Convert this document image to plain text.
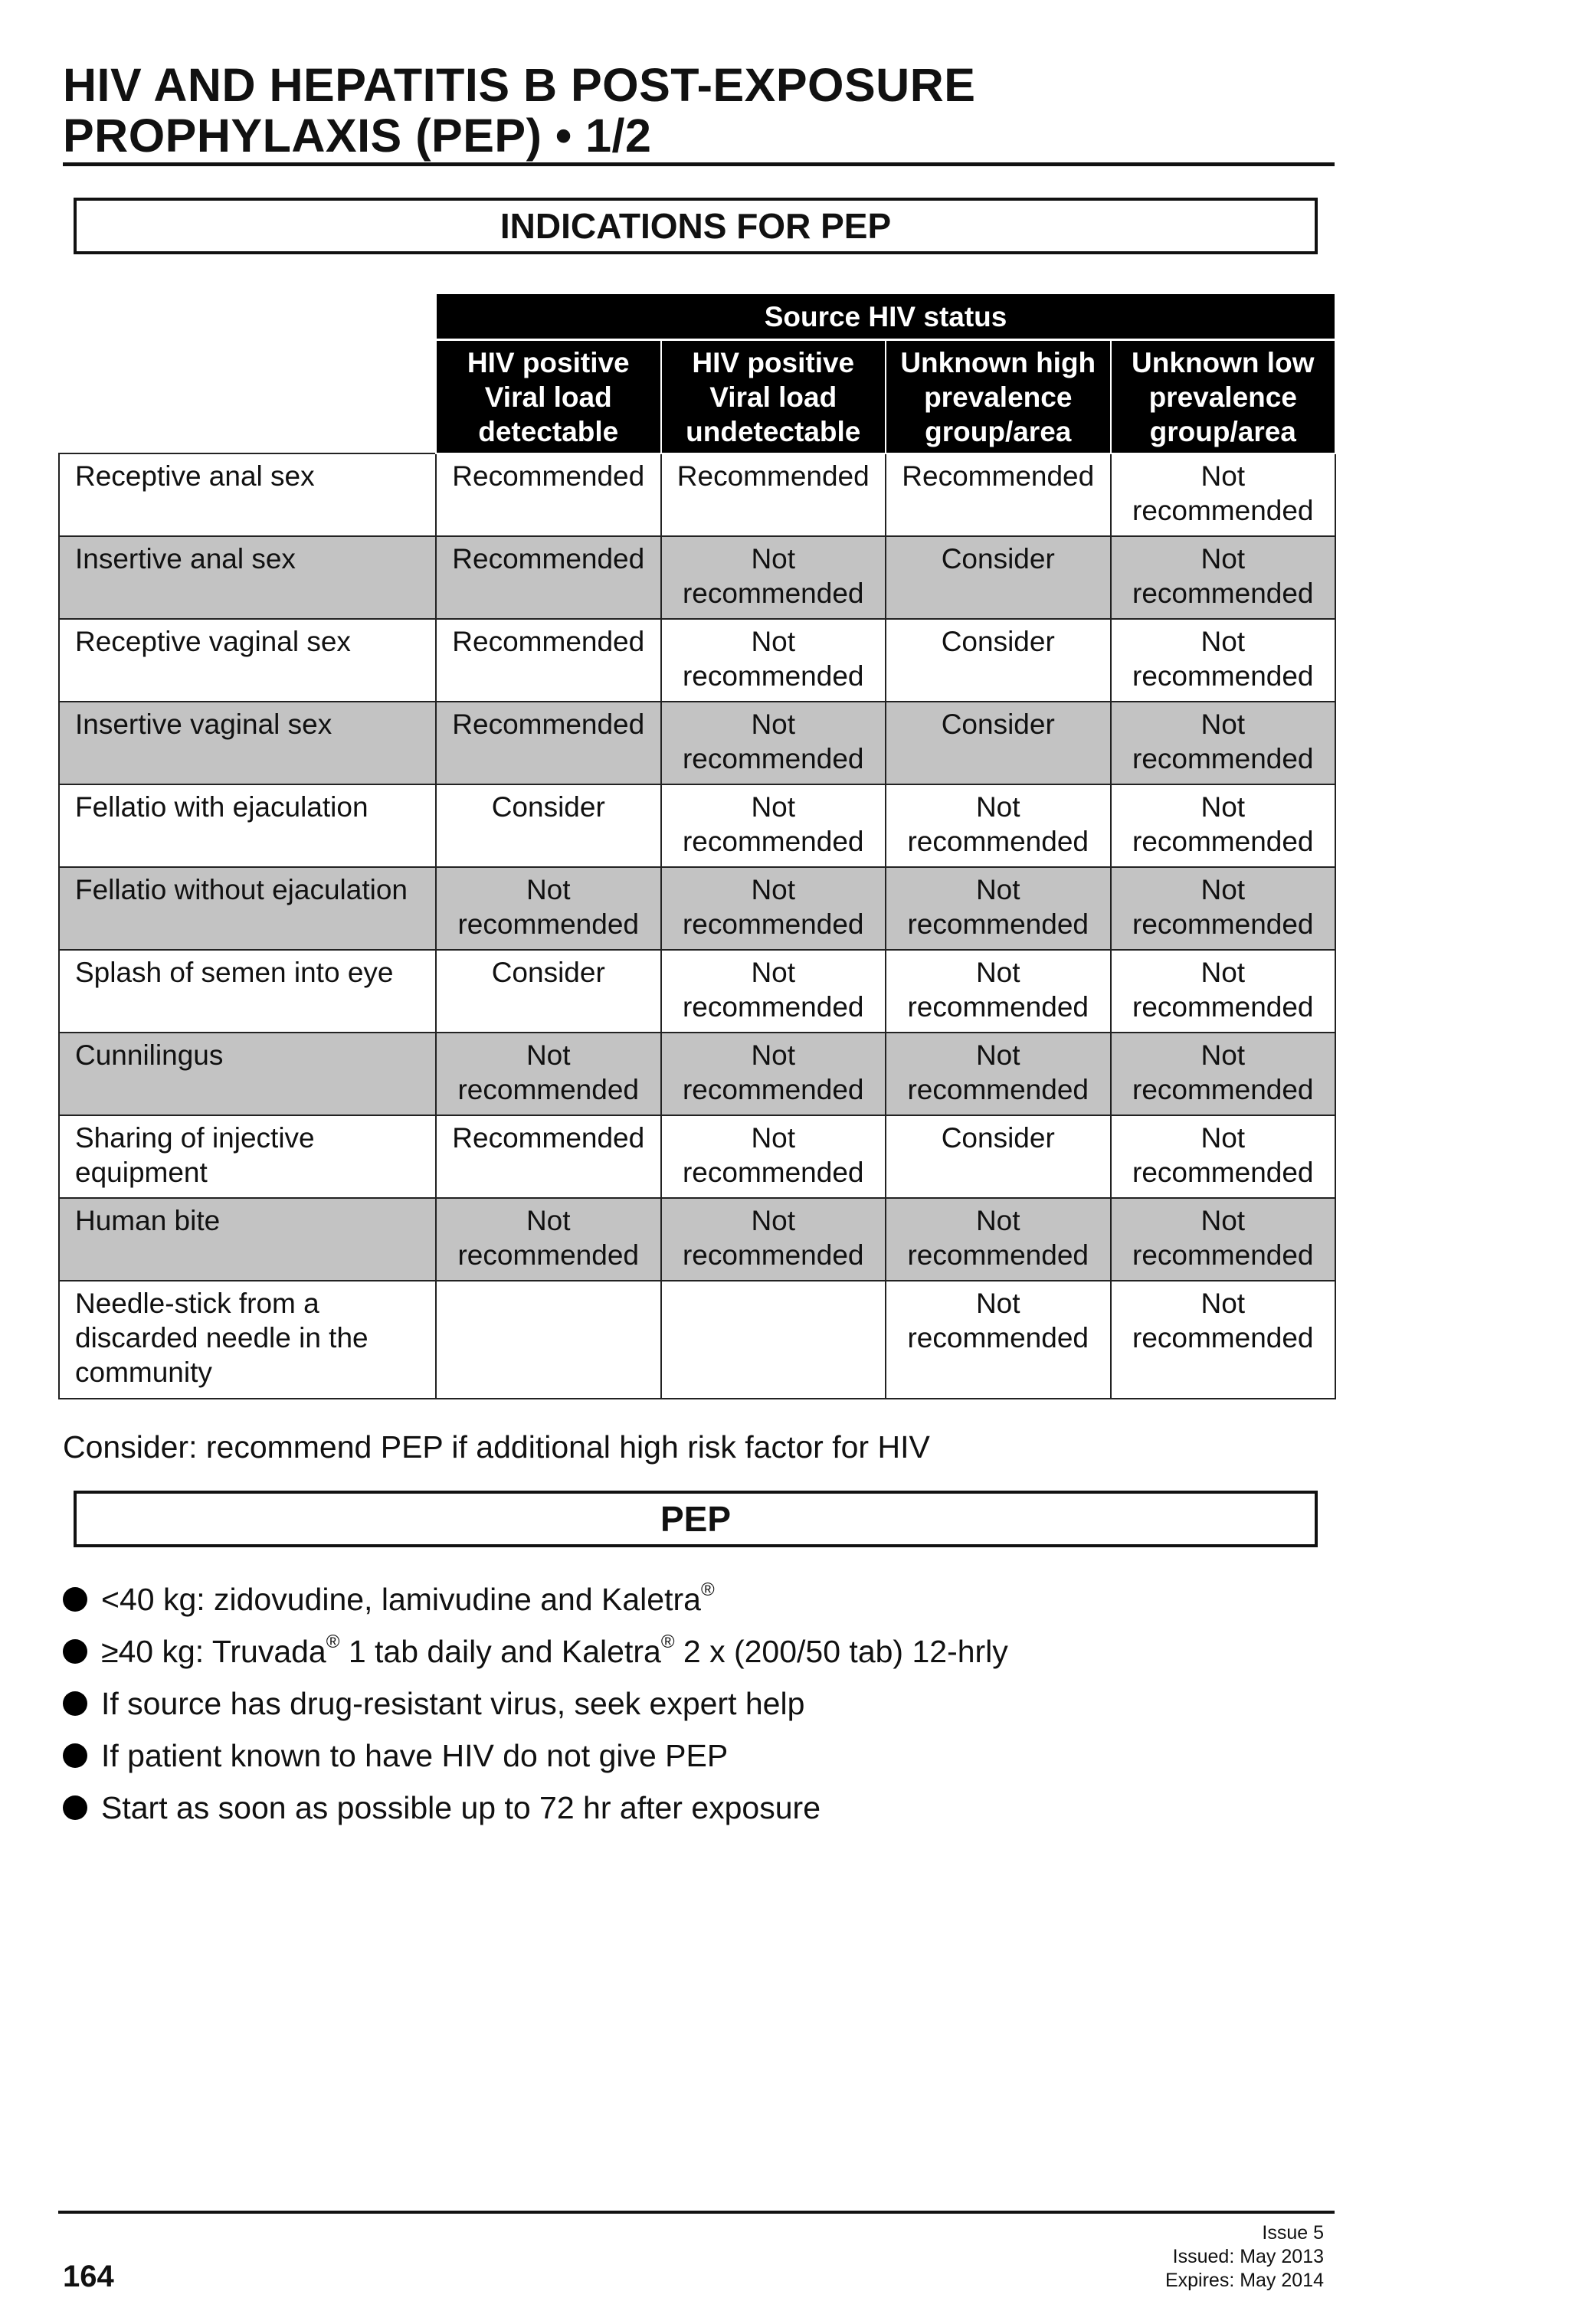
HIV AND HEPATITIS B POST-EXPOSURE
PROPHYLAXIS (PEP) • 1/2
INDICATIONS FOR PEP
	Source HIV status			
	HIV positive Viral load detectable	HIV positive Viral load undetectable	Unknown high prevalence group/area	Unknown low prevalence group/area
Receptive anal sex	Recommended	Recommended	Recommended	Not recommended
Insertive anal sex	Recommended	Not recommended	Consider	Not recommended
Receptive vaginal sex	Recommended	Not recommended	Consider	Not recommended
Insertive vaginal sex	Recommended	Not recommended	Consider	Not recommended
Fellatio with ejaculation	Consider	Not recommended	Not recommended	Not recommended
Fellatio without ejaculation	Not recommended	Not recommended	Not recommended	Not recommended
Splash of semen into eye	Consider	Not recommended	Not recommended	Not recommended
Cunnilingus	Not recommended	Not recommended	Not recommended	Not recommended
Sharing of injective equipment	Recommended	Not recommended	Consider	Not recommended
Human bite	Not recommended	Not recommended	Not recommended	Not recommended
Needle-stick from a discarded needle in the community			Not recommended	Not recommended
Consider: recommend PEP if additional high risk factor for HIV
PEP
<40 kg: zidovudine, lamivudine and Kaletra®
≥40 kg: Truvada® 1 tab daily and Kaletra® 2 x (200/50 tab) 12-hrly
If source has drug-resistant virus, seek expert help
If patient known to have HIV do not give PEP
Start as soon as possible up to 72 hr after exposure
164
Issue 5
Issued: May 2013
Expires: May 2014
